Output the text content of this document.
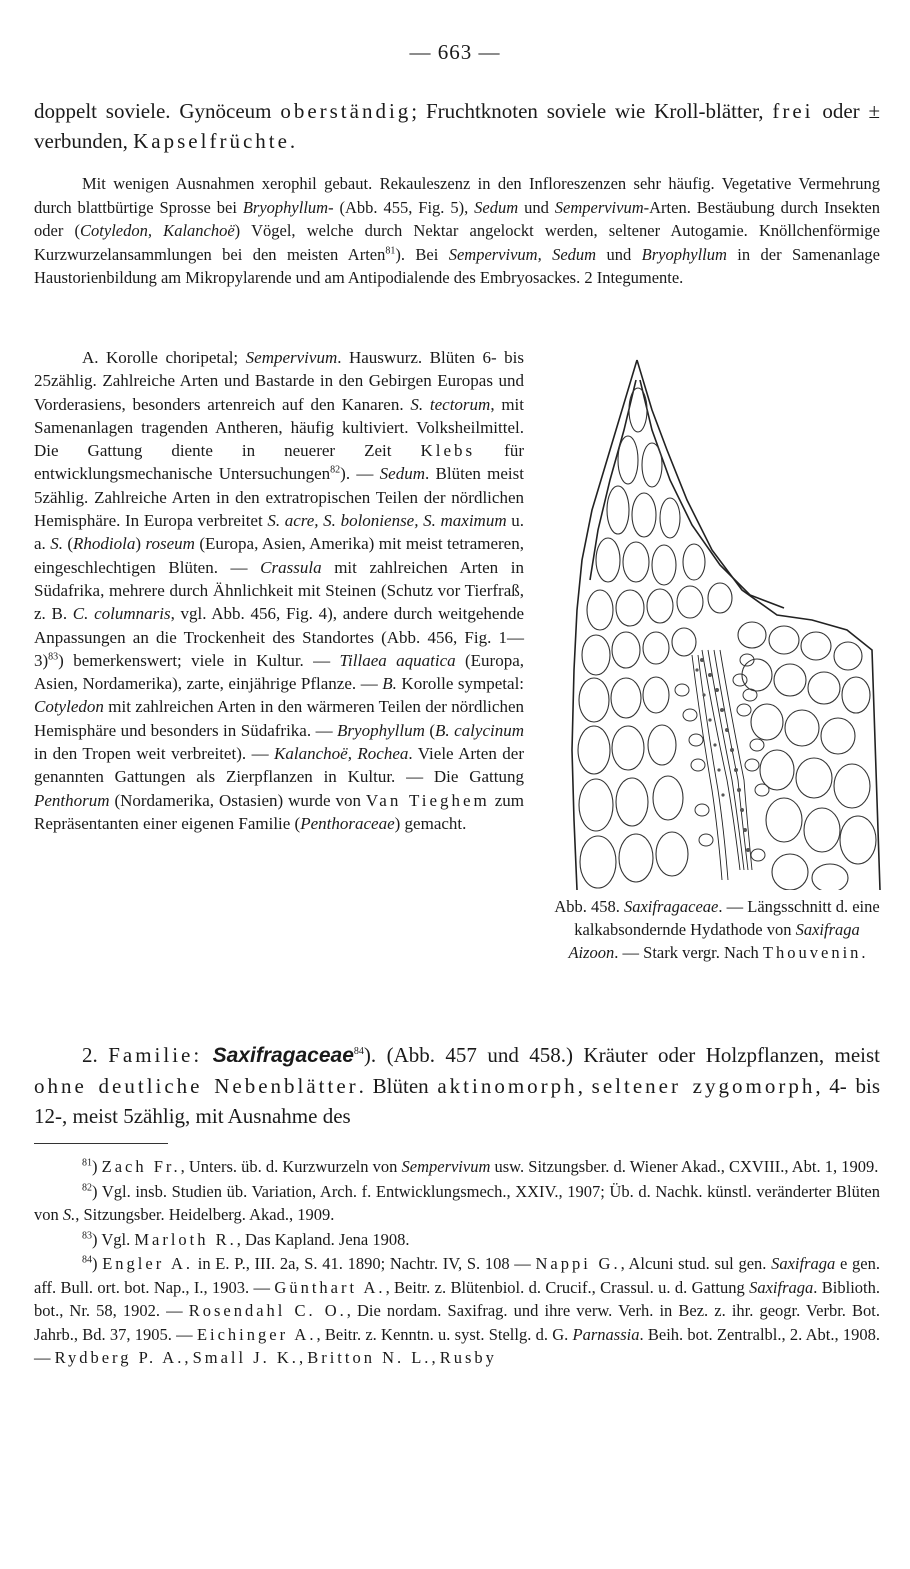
— 663 —
doppelt soviele. Gynöceum oberständig; Fruchtknoten soviele wie Kroll-blätter, frei oder ± verbunden, Kapselfrüchte.

Mit wenigen Ausnahmen xerophil gebaut. Rekauleszenz in den Infloreszenzen sehr häufig. Vegetative Vermehrung durch blattbürtige Sprosse bei Bryophyllum- (Abb. 455, Fig. 5), Sedum und Sempervivum-Arten. Bestäubung durch Insekten oder (Cotyledon, Kalanchoë) Vögel, welche durch Nektar angelockt werden, seltener Autogamie. Knöllchenförmige Kurzwurzelansammlungen bei den meisten Arten$^{81}$). Bei Sempervivum, Sedum und Bryophyllum in der Samenanlage Haustorienbildung am Mikropylarende und am Antipodialende des Embryosackes. 2 Integumente.

A. Korolle choripetal; Sempervivum. Hauswurz. Blüten 6- bis 25zählig. Zahlreiche Arten und Bastarde in den Gebirgen Europas und Vorderasiens, besonders artenreich auf den Kanaren. S. tectorum, mit Samenanlagen tragenden Antheren, häufig kultiviert. Volksheilmittel. Die Gattung diente in neuerer Zeit Klebs für entwicklungsmechanische Untersuchungen$^{82}$). — Sedum. Blüten meist 5zählig. Zahlreiche Arten in den extratropischen Teilen der nördlichen Hemisphäre. In Europa verbreitet S. acre, S. boloniense, S. maximum u. a. S. (Rhodiola) roseum (Europa, Asien, Amerika) mit meist tetrameren, eingeschlechtigen Blüten. — Crassula mit zahlreichen Arten in Südafrika, mehrere durch Ähnlichkeit mit Steinen (Schutz vor Tierfraß, z. B. C. columnaris, vgl. Abb. 456, Fig. 4), andere durch weitgehende Anpassungen an die Trockenheit des Standortes (Abb. 456, Fig. 1—3)$^{83}$) bemerkenswert; viele in Kultur. — Tillaea aquatica (Europa, Asien, Nordamerika), zarte, einjährige Pflanze. — B. Korolle sympetal: Cotyledon mit zahlreichen Arten in den wärmeren Teilen der nördlichen Hemisphäre und besonders in Südafrika. — Bryophyllum (B. calycinum in den Tropen weit verbreitet). — Kalanchoë, Rochea. Viele Arten der genannten Gattungen als Zierpflanzen in Kultur. — Die Gattung Penthorum (Nordamerika, Ostasien) wurde von Van Tieghem zum Repräsentanten einer eigenen Familie (Penthoraceae) gemacht.

Abb. 458. Saxifragaceae. — Längsschnitt d. eine kalkabsondernde Hydathode von Saxifraga Aizoon. — Stark vergr. Nach Thouvenin.
2. Familie: Saxifragaceae$^{84}$). (Abb. 457 und 458.) Kräuter oder Holzpflanzen, meist ohne deutliche Nebenblätter. Blüten aktinomorph, seltener zygomorph, 4- bis 12-, meist 5zählig, mit Ausnahme des

$^{81}$) Zach Fr., Unters. üb. d. Kurzwurzeln von Sempervivum usw. Sitzungsber. d. Wiener Akad., CXVIII., Abt. 1, 1909.

$^{82}$) Vgl. insb. Studien üb. Variation, Arch. f. Entwicklungsmech., XXIV., 1907; Üb. d. Nachk. künstl. veränderter Blüten von S., Sitzungsber. Heidelberg. Akad., 1909.

$^{83}$) Vgl. Marloth R., Das Kapland. Jena 1908.

$^{84}$) Engler A. in E. P., III. 2a, S. 41. 1890; Nachtr. IV, S. 108 — Nappi G., Alcuni stud. sul gen. Saxifraga e gen. aff. Bull. ort. bot. Nap., I., 1903. — Günthart A., Beitr. z. Blütenbiol. d. Crucif., Crassul. u. d. Gattung Saxifraga. Biblioth. bot., Nr. 58, 1902. — Rosendahl C. O., Die nordam. Saxifrag. und ihre verw. Verh. in Bez. z. ihr. geogr. Verbr. Bot. Jahrb., Bd. 37, 1905. — Eichinger A., Beitr. z. Kenntn. u. syst. Stellg. d. G. Parnassia. Beih. bot. Zentralbl., 2. Abt., 1908. — Rydberg P. A., Small J. K., Britton N. L., Rusby
